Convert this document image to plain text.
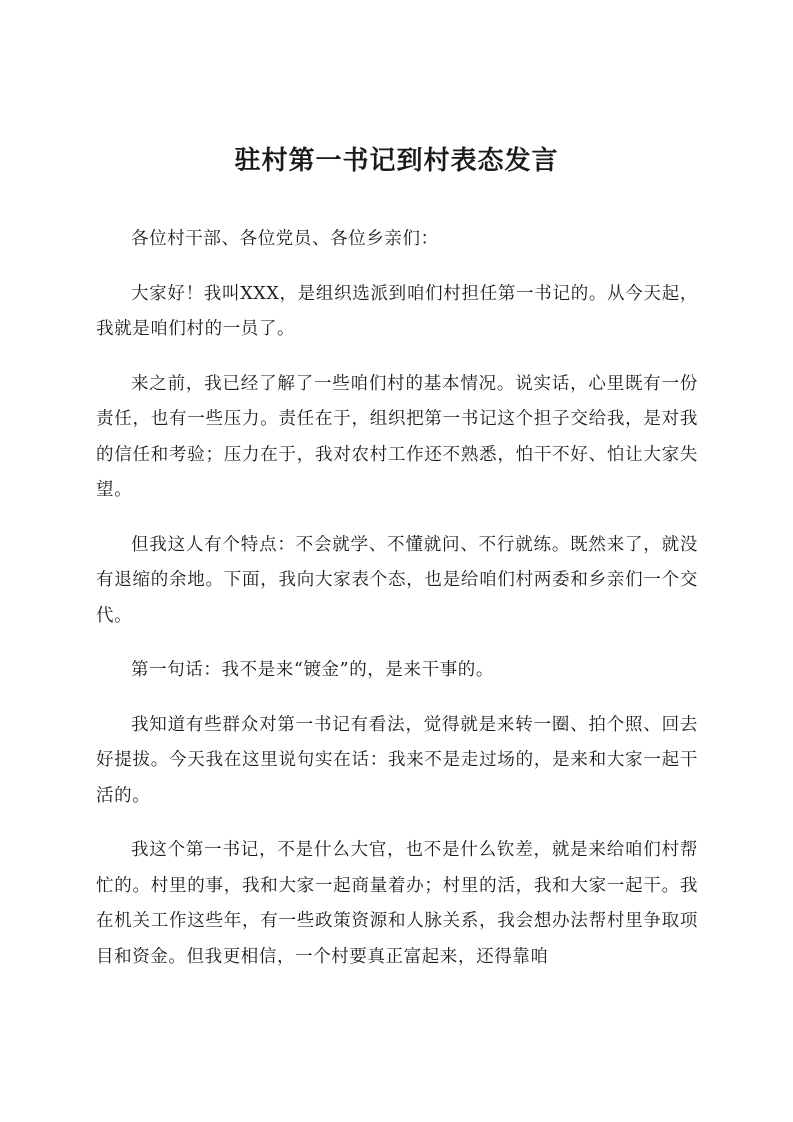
驻村第一书记到村表态发言

各位村干部、各位党员、各位乡亲们：

大家好！我叫XXX，是组织选派到咱们村担任第一书记的。从今天起，我就是咱们村的一员了。

来之前，我已经了解了一些咱们村的基本情况。说实话，心里既有一份责任，也有一些压力。责任在于，组织把第一书记这个担子交给我，是对我的信任和考验；压力在于，我对农村工作还不熟悉，怕干不好、怕让大家失望。

但我这人有个特点：不会就学、不懂就问、不行就练。既然来了，就没有退缩的余地。下面，我向大家表个态，也是给咱们村两委和乡亲们一个交代。

第一句话：我不是来“镀金”的，是来干事的。

我知道有些群众对第一书记有看法，觉得就是来转一圈、拍个照、回去好提拔。今天我在这里说句实在话：我来不是走过场的，是来和大家一起干活的。

我这个第一书记，不是什么大官，也不是什么钦差，就是来给咱们村帮忙的。村里的事，我和大家一起商量着办；村里的活，我和大家一起干。我在机关工作这些年，有一些政策资源和人脉关系，我会想办法帮村里争取项目和资金。但我更相信，一个村要真正富起来，还得靠咱
